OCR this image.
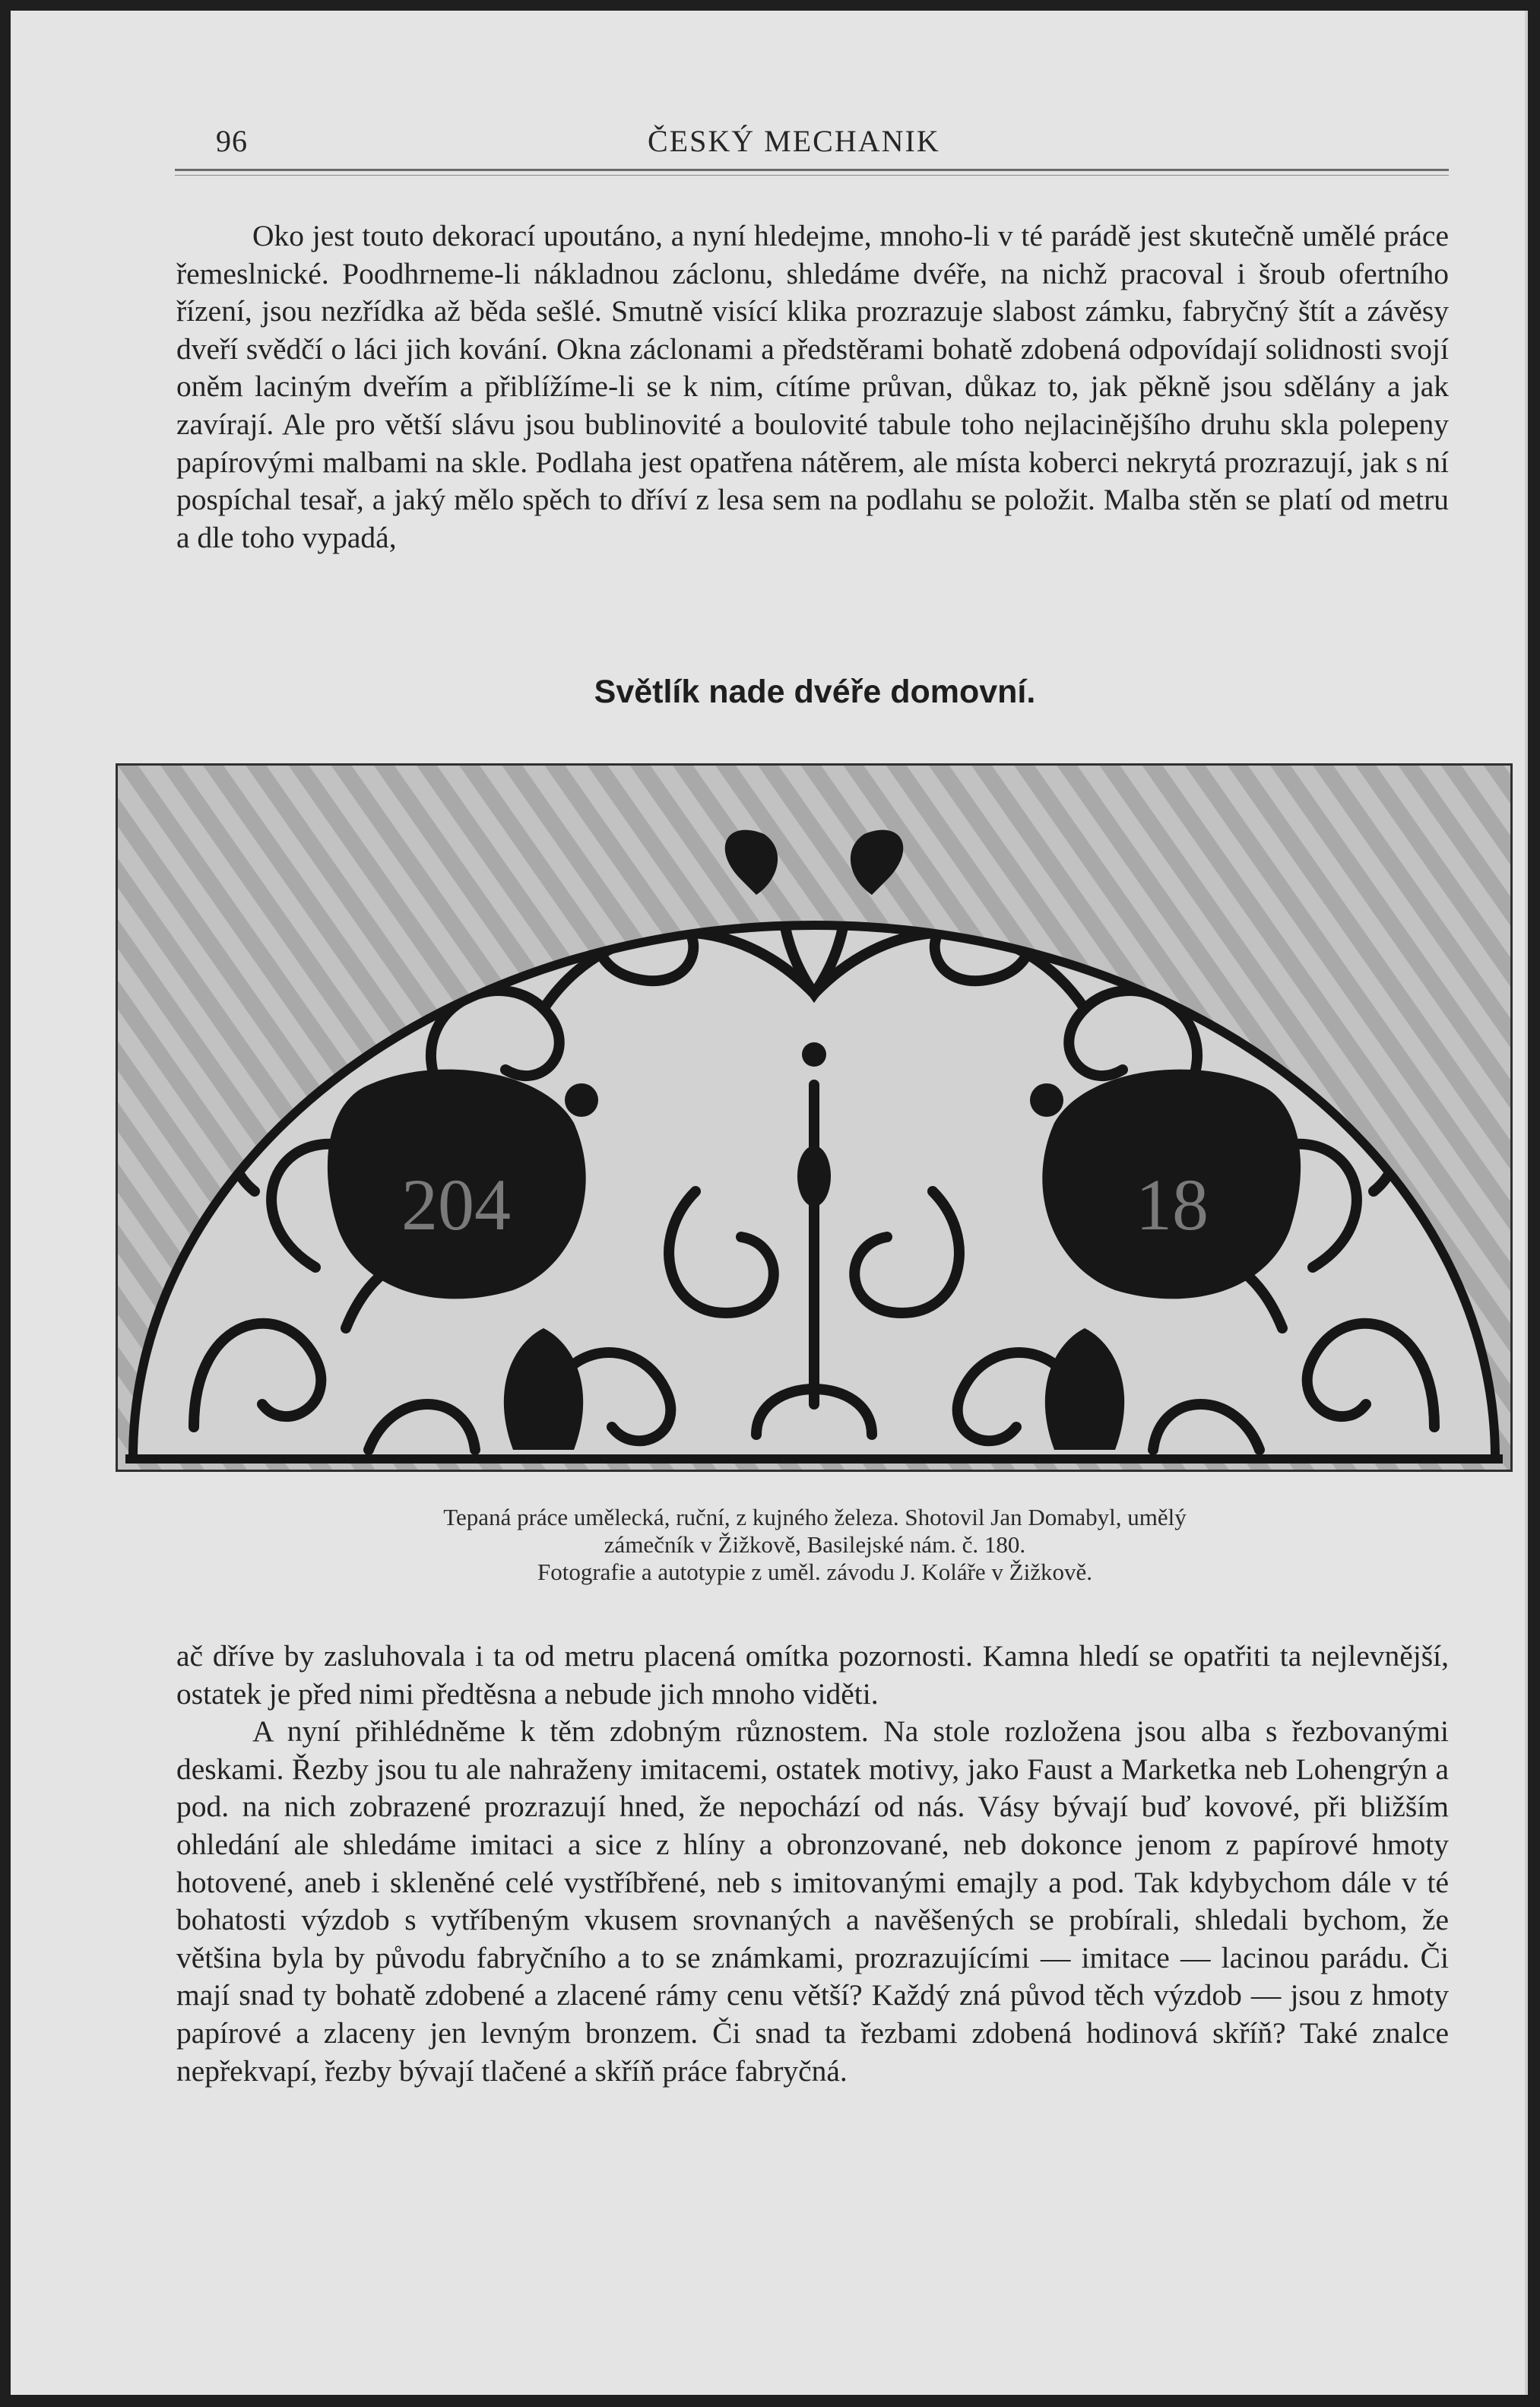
96	ČESKÝ MECHANIK

Oko jest touto dekorací upoutáno, a nyní hledejme, mnoho-li v té parádě jest skutečně umělé práce řemeslnické. Poodhrneme-li nákladnou záclonu, shledáme dvéře, na nichž pracoval i šroub ofertního řízení, jsou nezřídka až běda sešlé. Smutně visící klika prozrazuje slabost zámku, fabryčný štít a závěsy dveří svědčí o láci jich kování. Okna záclonami a předstěrami bohatě zdobená odpovídají solidnosti svojí oněm laciným dveřím a přiblížíme-li se k nim, cítíme průvan, důkaz to, jak pěkně jsou sdělány a jak zavírají. Ale pro větší slávu jsou bublinovité a boulovité tabule toho nejlacinějšího druhu skla polepeny papírovými malbami na skle. Podlaha jest opatřena nátěrem, ale místa koberci nekrytá prozrazují, jak s ní pospíchal tesař, a jaký mělo spěch to dříví z lesa sem na podlahu se položit. Malba stěn se platí od metru a dle toho vypadá,

Světlík nade dvéře domovní.
204	18
Tepaná práce umělecká, ruční, z kujného železa. Shotovil Jan Domabyl, umělý
zámečník v Žižkově, Basilejské nám. č. 180.
Fotografie a autotypie z uměl. závodu J. Koláře v Žižkově.

ač dříve by zasluhovala i ta od metru placená omítka pozornosti. Kamna hledí se opatřiti ta nejlevnější, ostatek je před nimi předtěsna a nebude jich mnoho viděti.

A nyní přihlédněme k těm zdobným různostem. Na stole rozložena jsou alba s řezbovanými deskami. Řezby jsou tu ale nahraženy imitacemi, ostatek motivy, jako Faust a Marketka neb Lohengrýn a pod. na nich zobrazené prozrazují hned, že nepochází od nás. Vásy bývají buď kovové, při bližším ohledání ale shledáme imitaci a sice z hlíny a obronzované, neb dokonce jenom z papírové hmoty hotovené, aneb i skleněné celé vystříbřené, neb s imitovanými emajly a pod. Tak kdybychom dále v té bohatosti výzdob s vytříbeným vkusem srovnaných a navěšených se probírali, shledali bychom, že většina byla by původu fabryčního a to se známkami, prozrazujícími — imitace — lacinou parádu. Či mají snad ty bohatě zdobené a zlacené rámy cenu větší? Každý zná původ těch výzdob — jsou z hmoty papírové a zlaceny jen levným bronzem. Či snad ta řezbami zdobená hodinová skříň? Také znalce nepřekvapí, řezby bývají tlačené a skříň práce fabryčná.
